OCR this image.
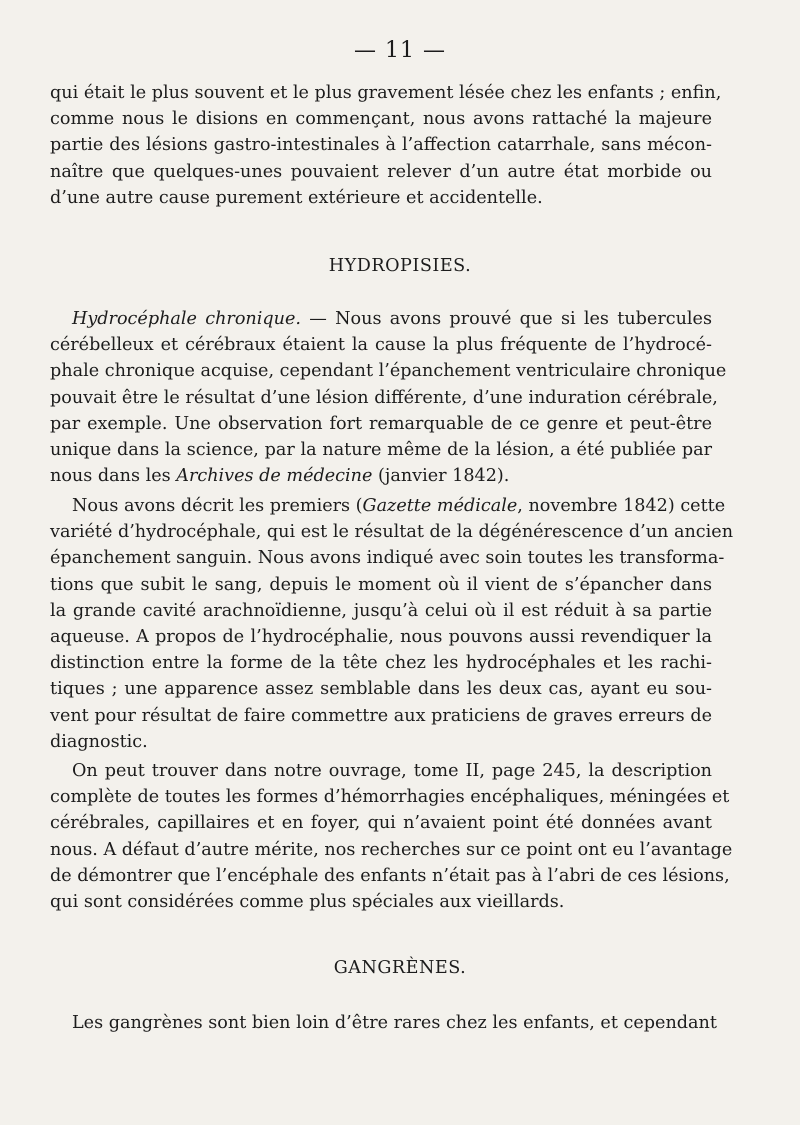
— 11 —
qui était le plus souvent et le plus gravement lésée chez les enfants ; enfin,
comme nous le disions en commençant, nous avons rattaché la majeure
partie des lésions gastro-intestinales à l’affection catarrhale, sans mécon-
naître que quelques-unes pouvaient relever d’un autre état morbide ou
d’une autre cause purement extérieure et accidentelle.
HYDROPISIES.
Hydrocéphale chronique. — Nous avons prouvé que si les tubercules
cérébelleux et cérébraux étaient la cause la plus fréquente de l’hydrocé-
phale chronique acquise, cependant l’épanchement ventriculaire chronique
pouvait être le résultat d’une lésion différente, d’une induration cérébrale,
par exemple. Une observation fort remarquable de ce genre et peut-être
unique dans la science, par la nature même de la lésion, a été publiée par
nous dans les Archives de médecine (janvier 1842).
Nous avons décrit les premiers (Gazette médicale, novembre 1842) cette
variété d’hydrocéphale, qui est le résultat de la dégénérescence d’un ancien
épanchement sanguin. Nous avons indiqué avec soin toutes les transforma-
tions que subit le sang, depuis le moment où il vient de s’épancher dans
la grande cavité arachnoïdienne, jusqu’à celui où il est réduit à sa partie
aqueuse. A propos de l’hydrocéphalie, nous pouvons aussi revendiquer la
distinction entre la forme de la tête chez les hydrocéphales et les rachi-
tiques ; une apparence assez semblable dans les deux cas, ayant eu sou-
vent pour résultat de faire commettre aux praticiens de graves erreurs de
diagnostic.
On peut trouver dans notre ouvrage, tome II, page 245, la description
complète de toutes les formes d’hémorrhagies encéphaliques, méningées et
cérébrales, capillaires et en foyer, qui n’avaient point été données avant
nous. A défaut d’autre mérite, nos recherches sur ce point ont eu l’avantage
de démontrer que l’encéphale des enfants n’était pas à l’abri de ces lésions,
qui sont considérées comme plus spéciales aux vieillards.
GANGRÈNES.
Les gangrènes sont bien loin d’être rares chez les enfants, et cependant
